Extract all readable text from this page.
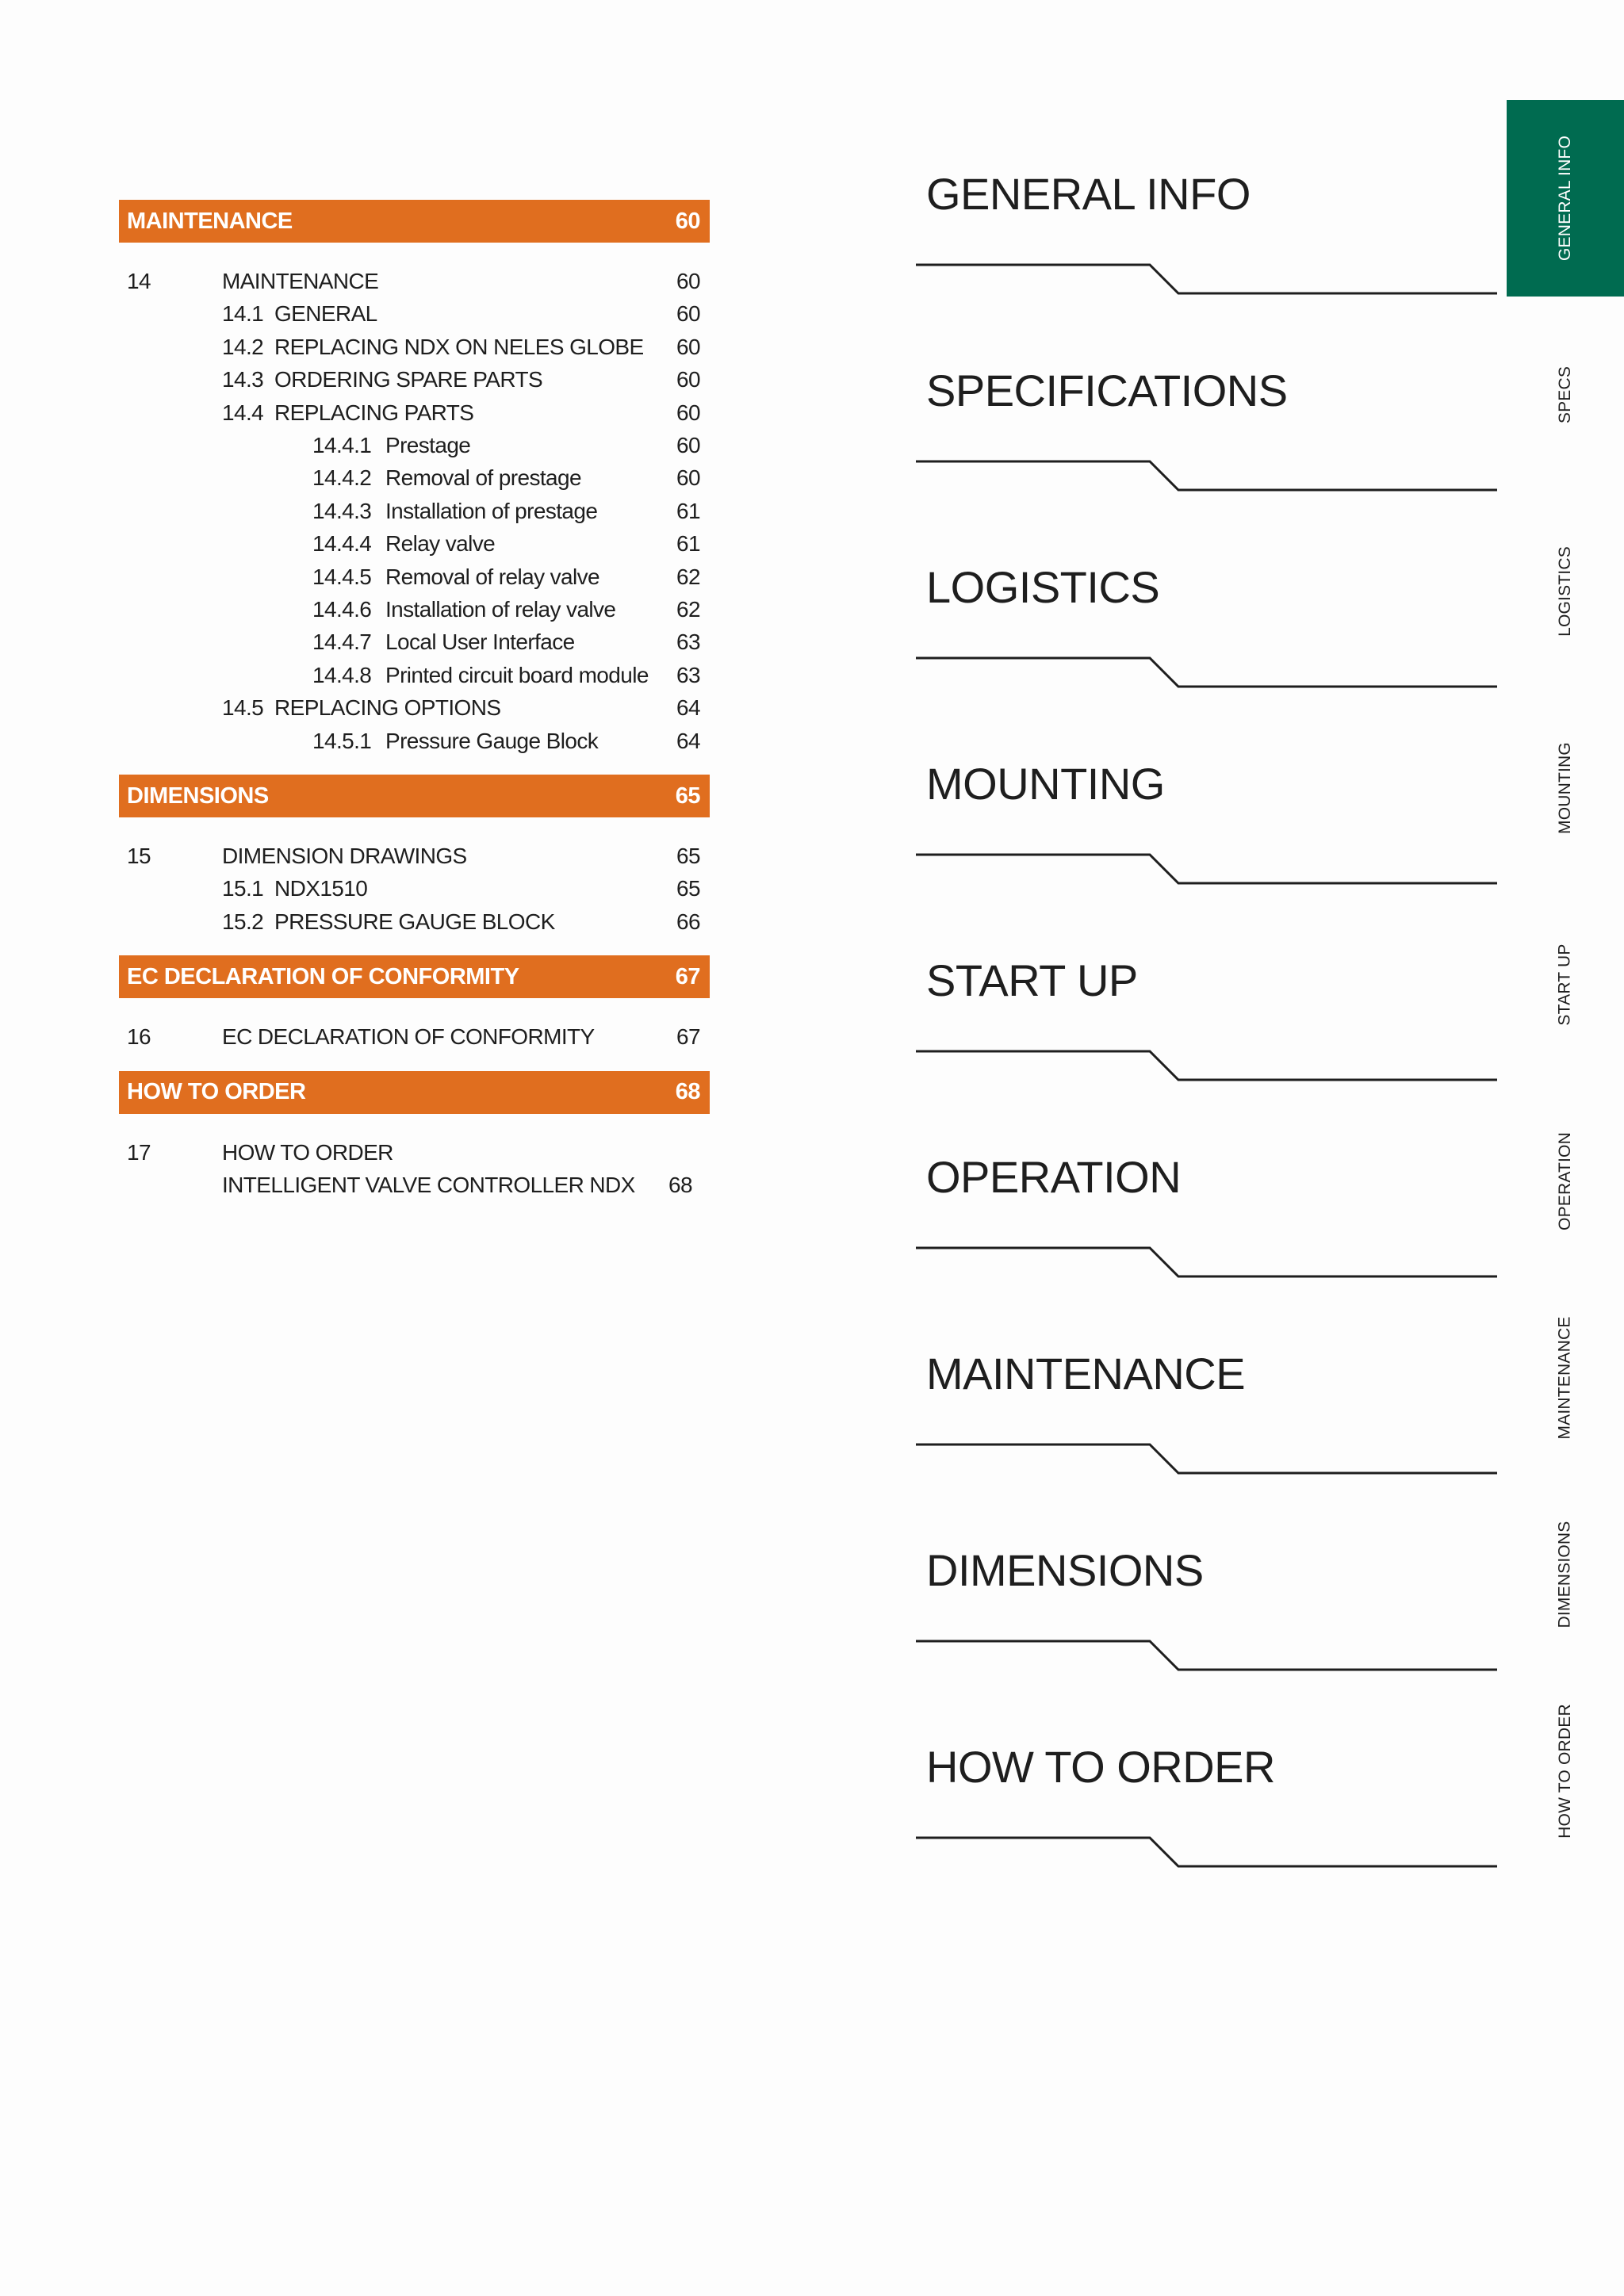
MAINTENANCE	60
14	MAINTENANCE	60
14.1 GENERAL	60
14.2 REPLACING NDX ON NELES GLOBE 60
14.3 ORDERING SPARE PARTS	60
14.4 REPLACING PARTS	60
14.4.1 Prestage	60
14.4.2 Removal of prestage	60
14.4.3 Installation of prestage	61
14.4.4 Relay valve	61
14.4.5 Removal of relay valve	62
14.4.6 Installation of relay valve	62
14.4.7 Local User Interface	63
14.4.8 Printed circuit board module 63
14.5 REPLACING OPTIONS	64
14.5.1 Pressure Gauge Block	64
DIMENSIONS	65
15	DIMENSION DRAWINGS	65
15.1 NDX1510	65
15.2 PRESSURE GAUGE BLOCK	66
EC DECLARATION OF CONFORMITY	67
16	EC DECLARATION OF CONFORMITY	67
HOW TO ORDER	68
17	HOW TO ORDER
INTELLIGENT VALVE CONTROLLER NDX 68
GENERAL INFO
SPECIFICATIONS
LOGISTICS
MOUNTING
START UP
OPERATION
MAINTENANCE
DIMENSIONS
HOW TO ORDER
GENERAL INFO
SPECS
LOGISTICS
MOUNTING
START UP
OPERATION
MAINTENANCE
DIMENSIONS
HOW TO ORDER
